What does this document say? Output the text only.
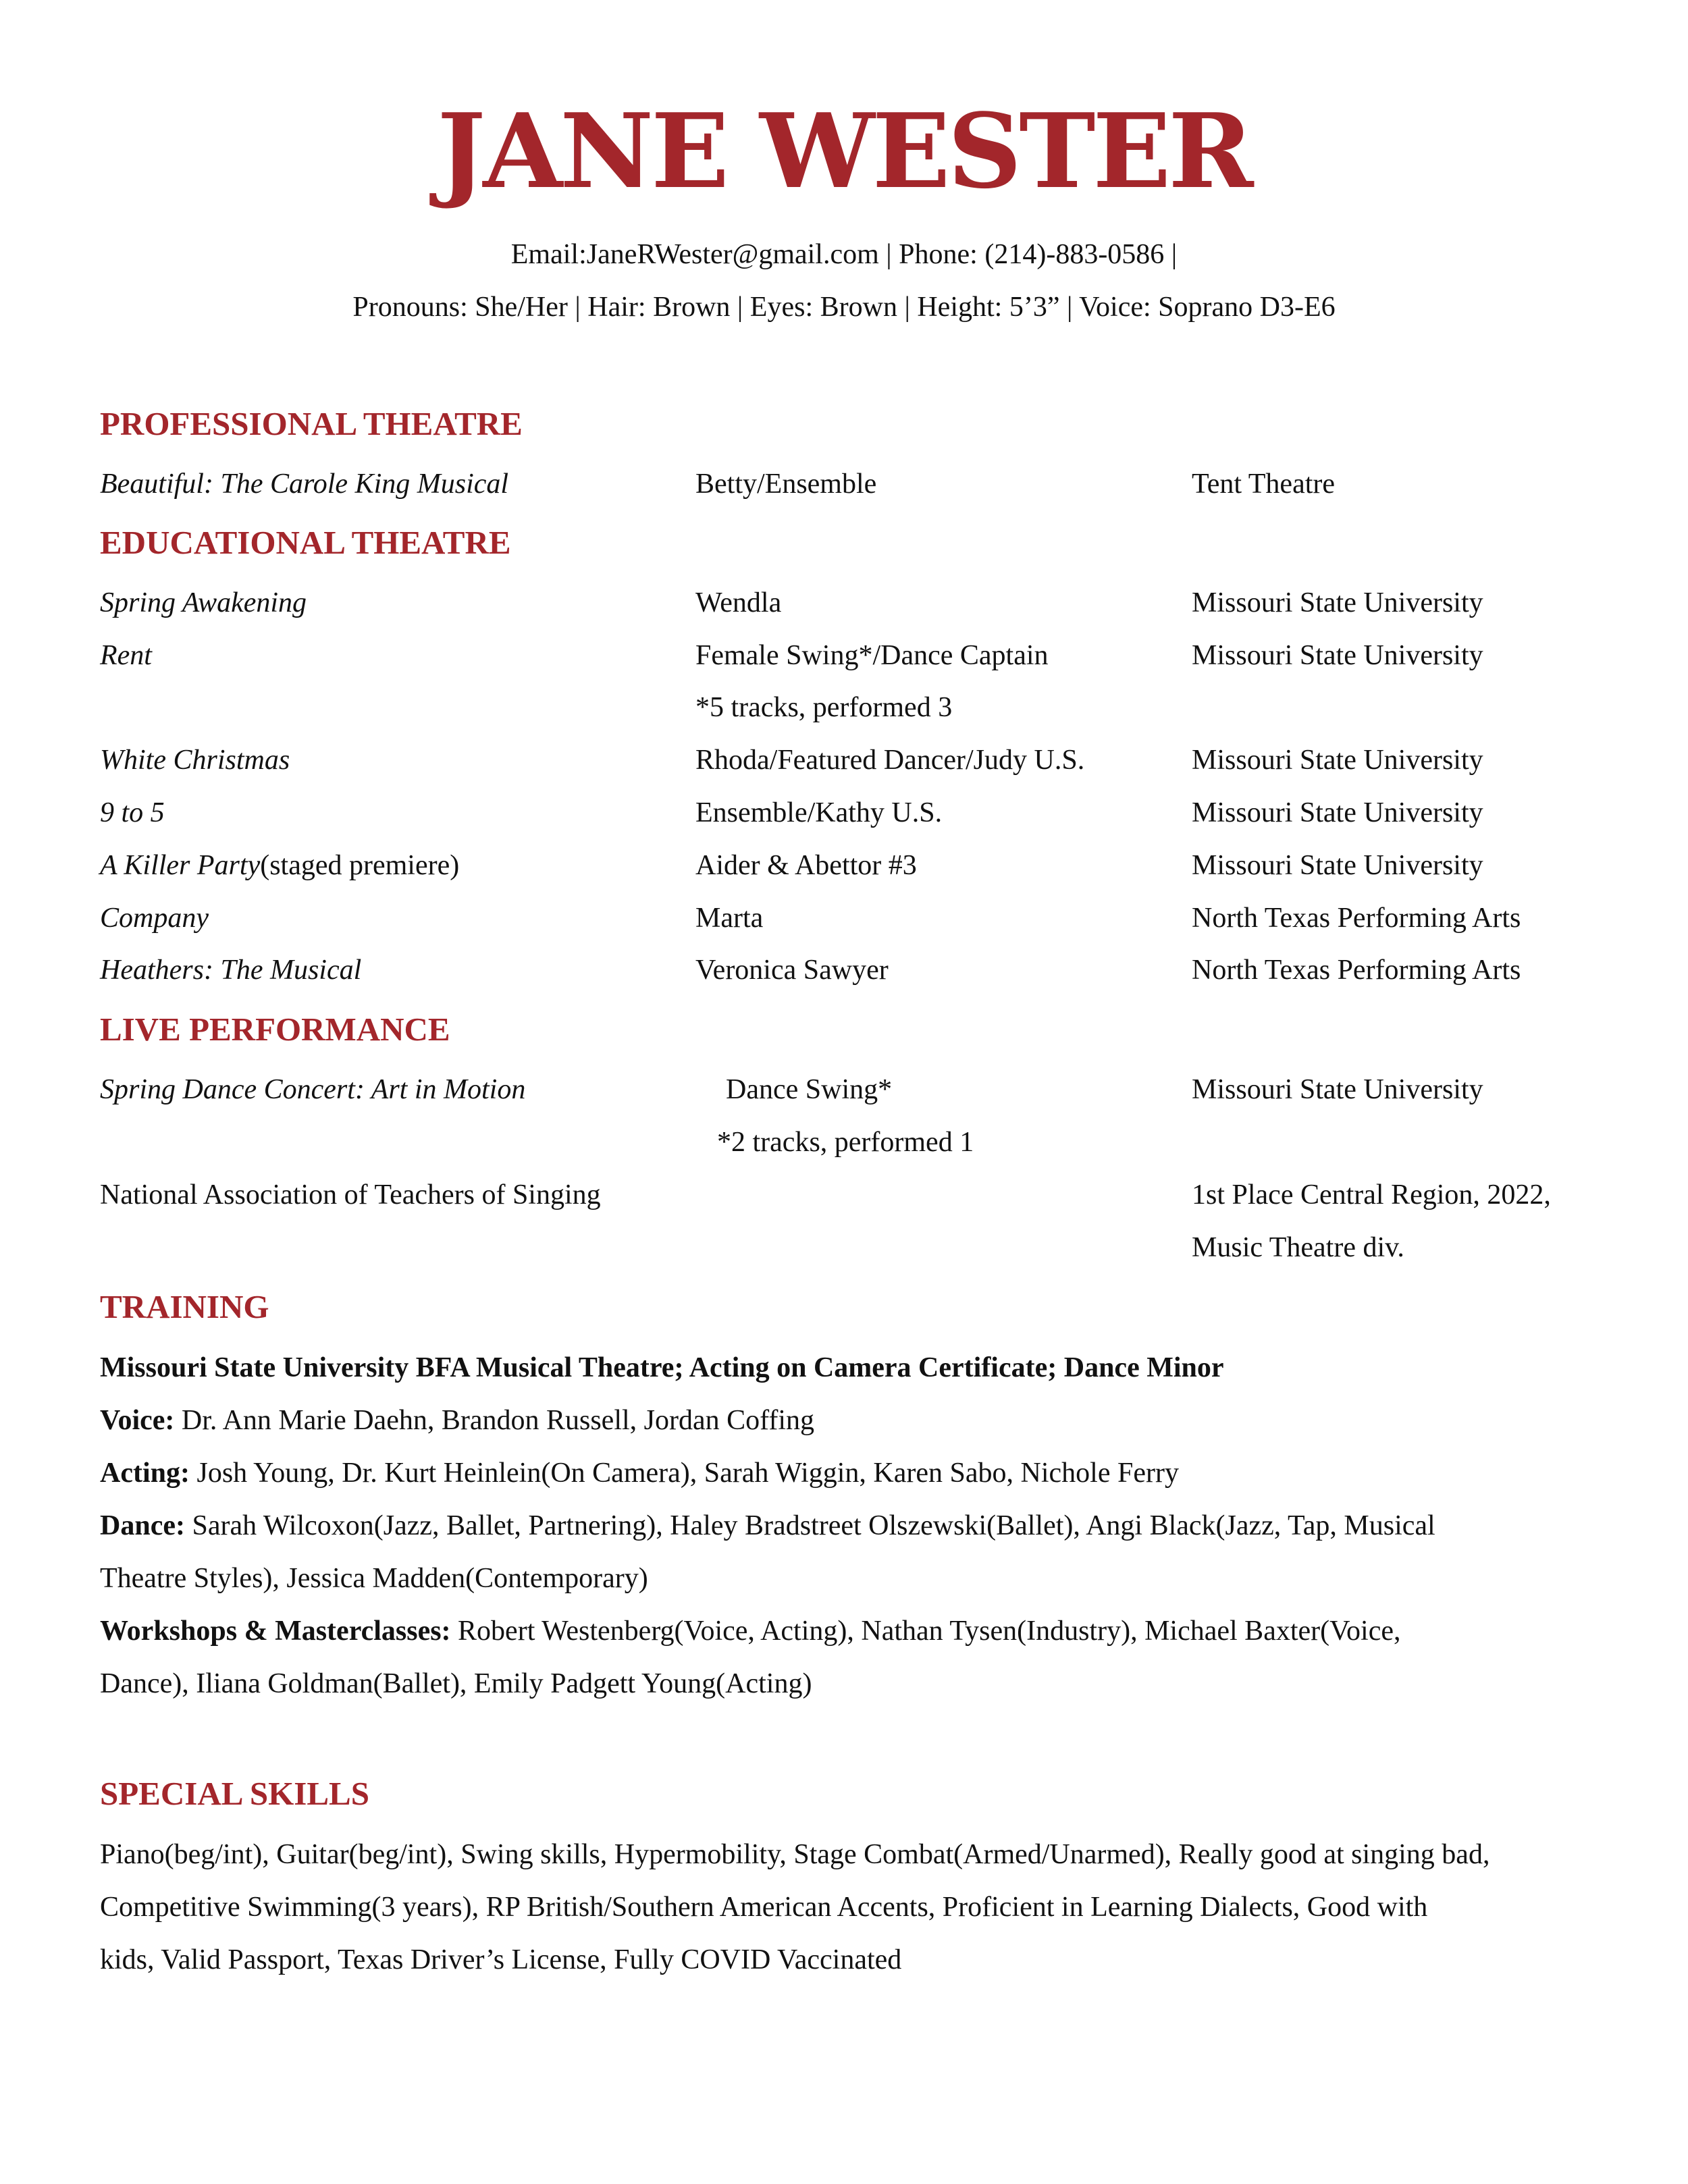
JANE WESTER
Email:JaneRWester@gmail.com | Phone: (214)-883-0586 |
Pronouns: She/Her | Hair: Brown | Eyes: Brown | Height: 5’3” | Voice: Soprano D3-E6
PROFESSIONAL THEATRE
Beautiful: The Carole King Musical	Betty/Ensemble	Tent Theatre
EDUCATIONAL THEATRE
Spring Awakening	Wendla	Missouri State University
Rent	Female Swing*/Dance Captain	Missouri State University
*5 tracks, performed 3
White Christmas	Rhoda/Featured Dancer/Judy U.S.	Missouri State University
9 to 5	Ensemble/Kathy U.S.	Missouri State University
A Killer Party(staged premiere)	Aider & Abettor #3	Missouri State University
Company	Marta	North Texas Performing Arts
Heathers: The Musical	Veronica Sawyer	North Texas Performing Arts
LIVE PERFORMANCE
Spring Dance Concert: Art in Motion	Dance Swing*	Missouri State University
*2 tracks, performed 1
National Association of Teachers of Singing	1st Place Central Region, 2022,
Music Theatre div.
TRAINING
Missouri State University BFA Musical Theatre; Acting on Camera Certificate; Dance Minor
Voice: Dr. Ann Marie Daehn, Brandon Russell, Jordan Coffing
Acting: Josh Young, Dr. Kurt Heinlein(On Camera), Sarah Wiggin, Karen Sabo, Nichole Ferry
Dance: Sarah Wilcoxon(Jazz, Ballet, Partnering), Haley Bradstreet Olszewski(Ballet), Angi Black(Jazz, Tap, Musical
Theatre Styles), Jessica Madden(Contemporary)
Workshops & Masterclasses: Robert Westenberg(Voice, Acting), Nathan Tysen(Industry), Michael Baxter(Voice,
Dance), Iliana Goldman(Ballet), Emily Padgett Young(Acting)
SPECIAL SKILLS
Piano(beg/int), Guitar(beg/int), Swing skills, Hypermobility, Stage Combat(Armed/Unarmed), Really good at singing bad,
Competitive Swimming(3 years), RP British/Southern American Accents, Proficient in Learning Dialects, Good with
kids, Valid Passport, Texas Driver’s License, Fully COVID Vaccinated
